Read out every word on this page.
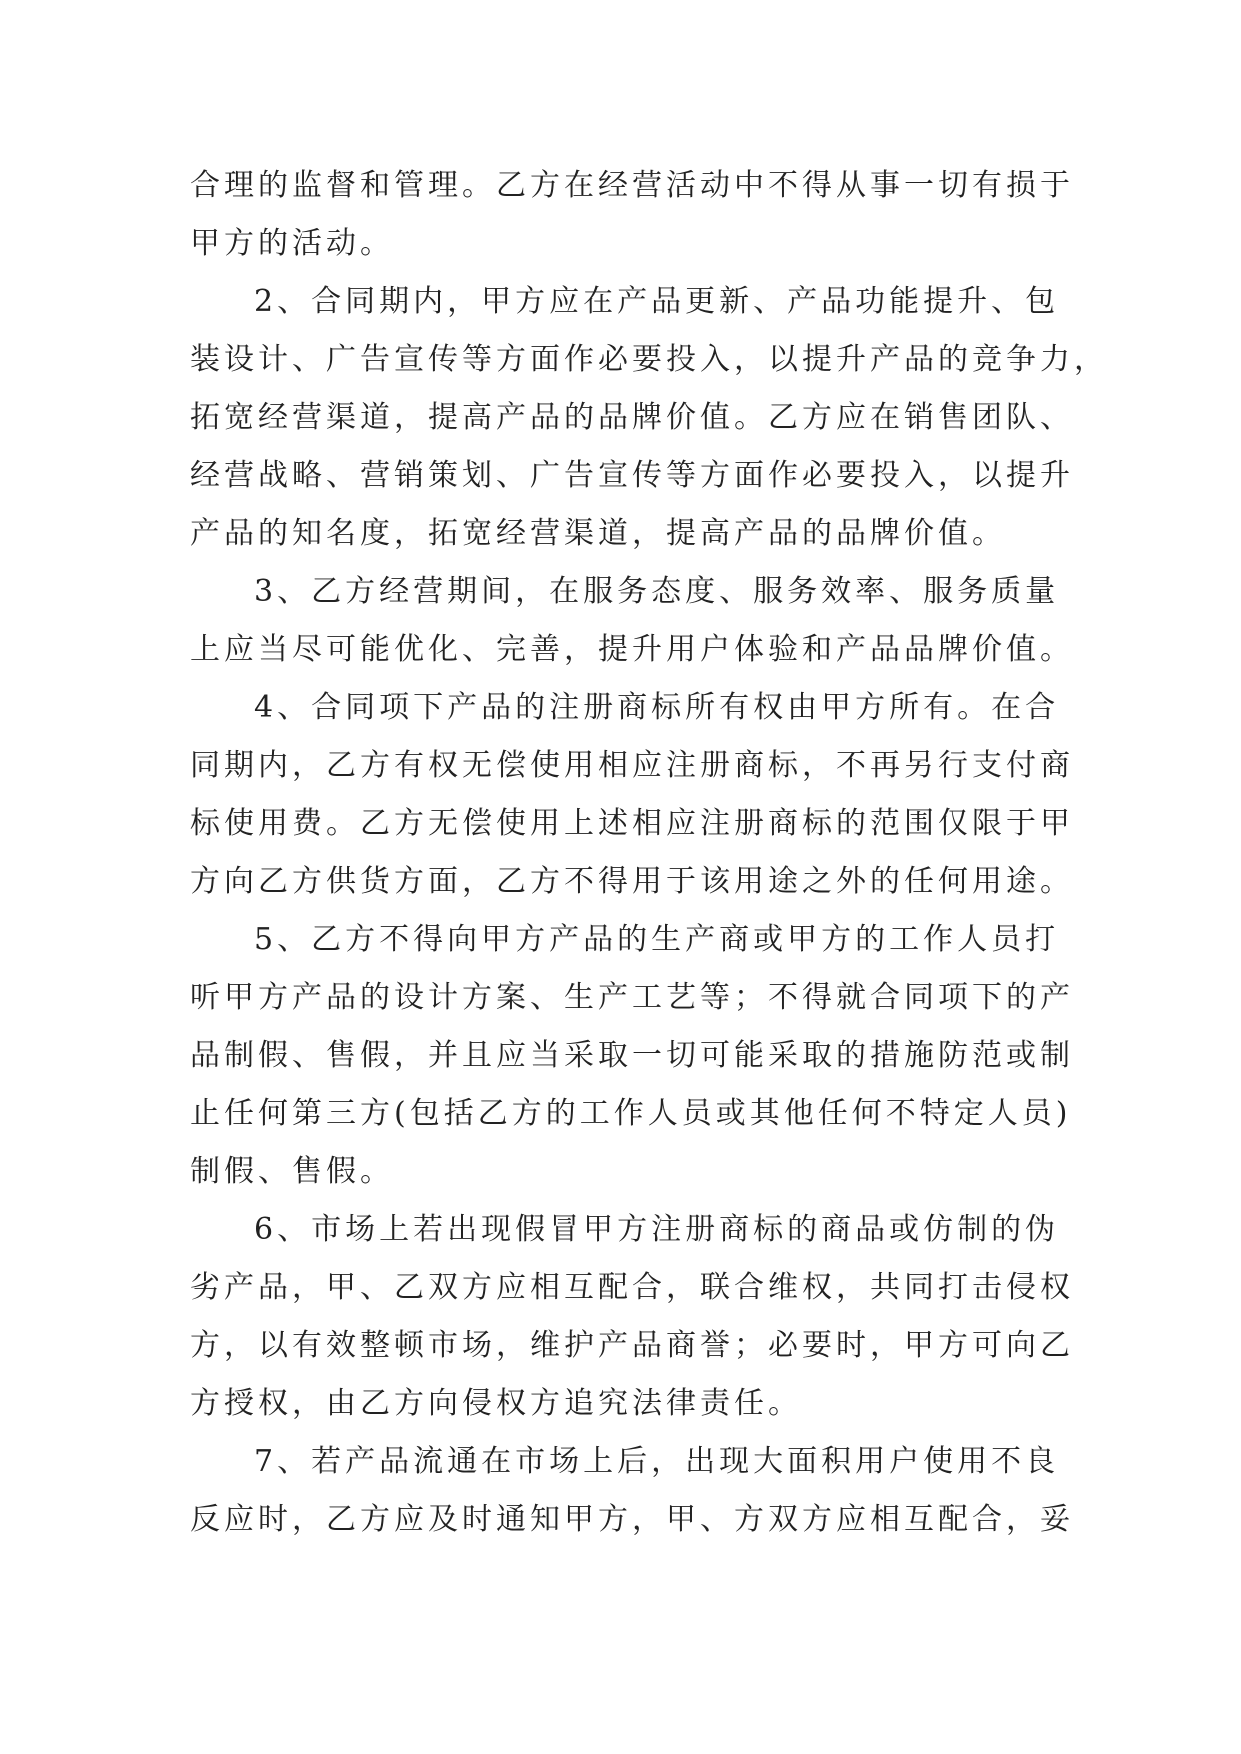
合理的监督和管理。乙方在经营活动中不得从事一切有损于
甲方的活动。
2、合同期内，甲方应在产品更新、产品功能提升、包
装设计、广告宣传等方面作必要投入，以提升产品的竞争力，
拓宽经营渠道，提高产品的品牌价值。乙方应在销售团队、
经营战略、营销策划、广告宣传等方面作必要投入，以提升
产品的知名度，拓宽经营渠道，提高产品的品牌价值。
3、乙方经营期间，在服务态度、服务效率、服务质量
上应当尽可能优化、完善，提升用户体验和产品品牌价值。
4、合同项下产品的注册商标所有权由甲方所有。在合
同期内，乙方有权无偿使用相应注册商标，不再另行支付商
标使用费。乙方无偿使用上述相应注册商标的范围仅限于甲
方向乙方供货方面，乙方不得用于该用途之外的任何用途。
5、乙方不得向甲方产品的生产商或甲方的工作人员打
听甲方产品的设计方案、生产工艺等；不得就合同项下的产
品制假、售假，并且应当采取一切可能采取的措施防范或制
止任何第三方(包括乙方的工作人员或其他任何不特定人员)
制假、售假。
6、市场上若出现假冒甲方注册商标的商品或仿制的伪
劣产品，甲、乙双方应相互配合，联合维权，共同打击侵权
方，以有效整顿市场，维护产品商誉；必要时，甲方可向乙
方授权，由乙方向侵权方追究法律责任。
7、若产品流通在市场上后，出现大面积用户使用不良
反应时，乙方应及时通知甲方，甲、方双方应相互配合，妥
